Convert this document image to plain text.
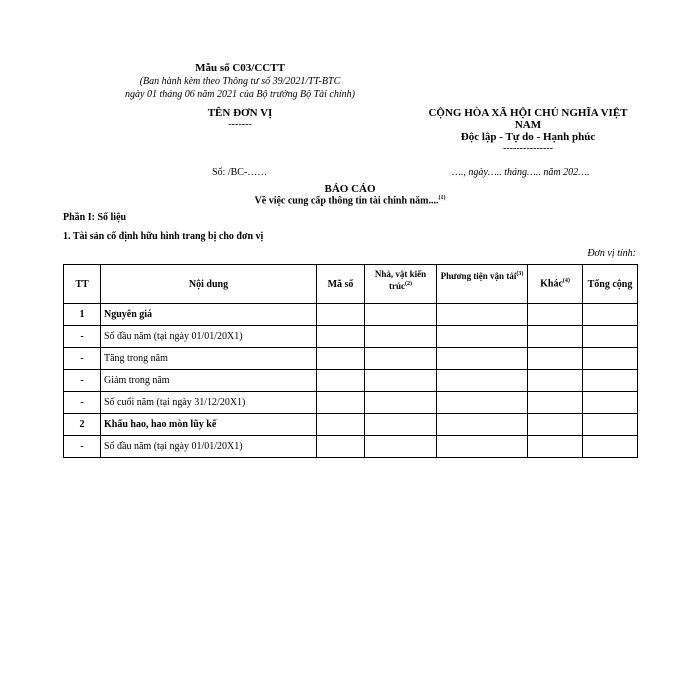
Mẫu số C03/CCTT
(Ban hành kèm theo Thông tư số 39/2021/TT-BTC
ngày 01 tháng 06 năm 2021 của Bộ trưởng Bộ Tài chính)
TÊN ĐƠN VỊ
-------
CỘNG HÒA XÃ HỘI CHỦ NGHĨA VIỆT
NAM
Độc lập - Tự do - Hạnh phúc
---------------
Số: /BC-……	…., ngày….. tháng….. năm 202….
BÁO CÁO
Về việc cung cấp thông tin tài chính năm....$^{(1)}$
Phần I: Số liệu
1. Tài sản cố định hữu hình trang bị cho đơn vị
Đơn vị tính:
TT	Nội dung	Mã số	Nhà, vật kiến trúc$^{(2)}$	Phương tiện vận tải$^{(3)}$	Khác$^{(4)}$	Tổng cộng
1	Nguyên giá					
-	Số đầu năm (tại ngày 01/01/20X1)					
-	Tăng trong năm					
-	Giảm trong năm					
-	Số cuối năm (tại ngày 31/12/20X1)					
2	Khấu hao, hao mòn lũy kế					
-	Số đầu năm (tại ngày 01/01/20X1)					
